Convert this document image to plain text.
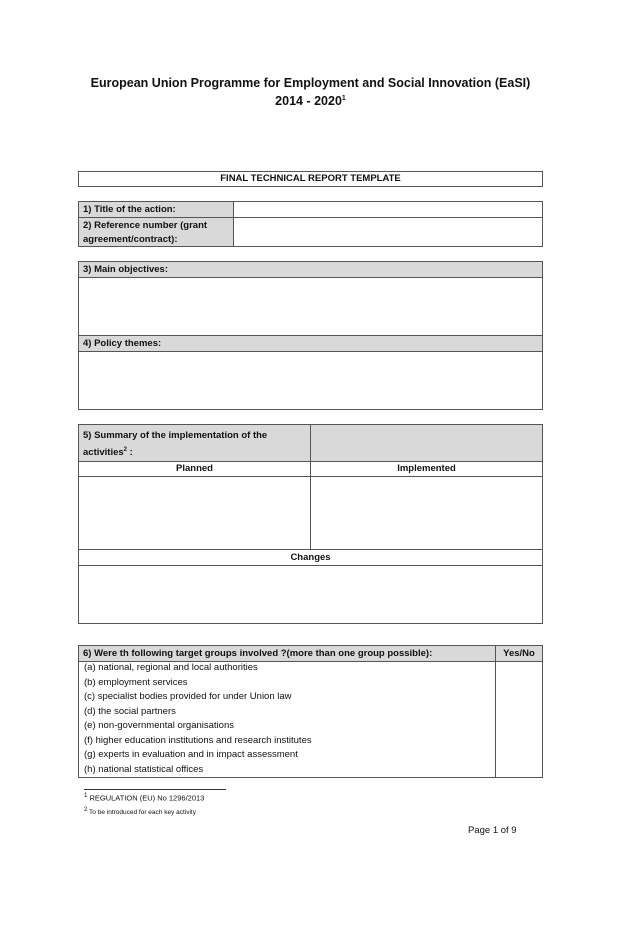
European Union Programme for Employment and Social Innovation (EaSI)
2014 - 2020$^1$
FINAL TECHNICAL REPORT TEMPLATE
1) Title of the action:
2) Reference number (grant agreement/contract):
3) Main objectives:
4) Policy themes:
5) Summary of the implementation of the activities$^2$ :
Planned	Implemented
Changes
6) Were th following target groups involved ?(more than one group possible):	Yes/No
(a) national, regional and local authorities
(b) employment services
(c) specialist bodies provided for under Union law
(d) the social partners
(e) non-governmental organisations
(f) higher education institutions and research institutes
(g) experts in evaluation and in impact assessment
(h) national statistical offices
$^1$ REGULATION (EU) No 1296/2013
$^2$ To be introduced for each key activity
Page 1 of 9
